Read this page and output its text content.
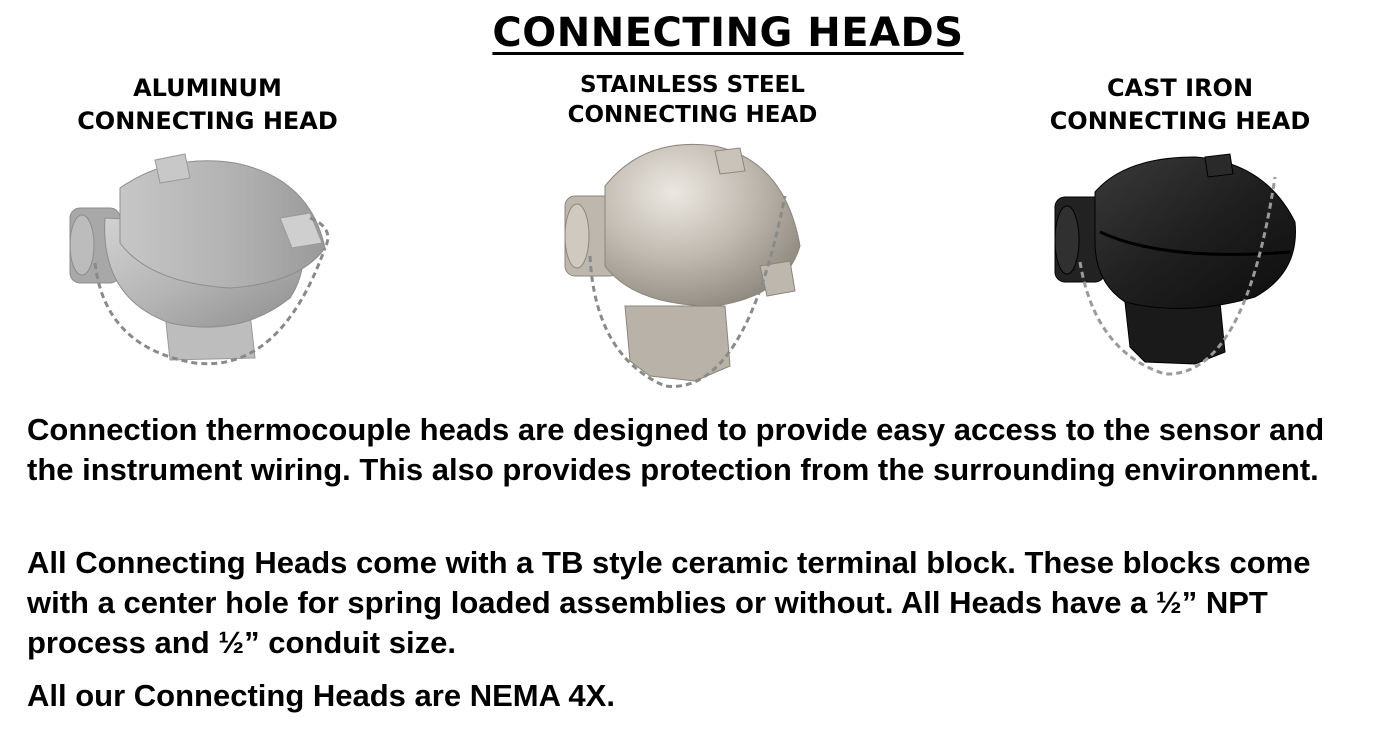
CONNECTING HEADS
ALUMINUM
CONNECTING HEAD
STAINLESS STEEL
CONNECTING HEAD
CAST IRON
CONNECTING HEAD

Connection thermocouple heads are designed to provide easy access to the sensor and the instrument wiring. This also provides protection from the surrounding environment.

All Connecting Heads come with a TB style ceramic terminal block. These blocks come with a center hole for spring loaded assemblies or without. All Heads have a ½” NPT process and ½” conduit size.

All our Connecting Heads are NEMA 4X.
